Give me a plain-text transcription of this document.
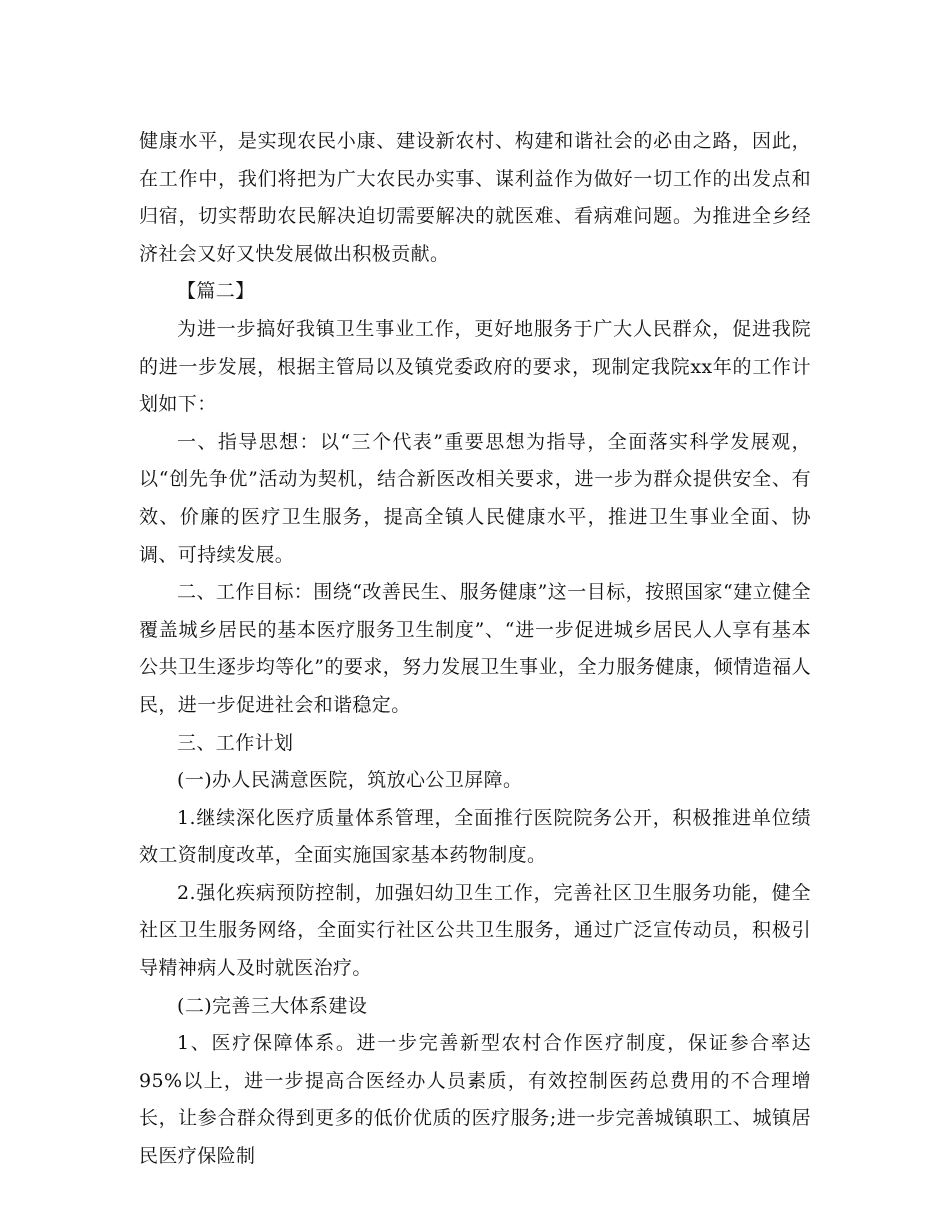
健康水平，是实现农民小康、建设新农村、构建和谐社会的必由之路，因此，在工作中，我们将把为广大农民办实事、谋利益作为做好一切工作的出发点和归宿，切实帮助农民解决迫切需要解决的就医难、看病难问题。为推进全乡经济社会又好又快发展做出积极贡献。

【篇二】

为进一步搞好我镇卫生事业工作，更好地服务于广大人民群众，促进我院的进一步发展，根据主管局以及镇党委政府的要求，现制定我院xx年的工作计划如下：

一、指导思想：以“三个代表”重要思想为指导，全面落实科学发展观，以“创先争优”活动为契机，结合新医改相关要求，进一步为群众提供安全、有效、价廉的医疗卫生服务，提高全镇人民健康水平，推进卫生事业全面、协调、可持续发展。

二、工作目标：围绕“改善民生、服务健康”这一目标，按照国家“建立健全覆盖城乡居民的基本医疗服务卫生制度”、“进一步促进城乡居民人人享有基本公共卫生逐步均等化”的要求，努力发展卫生事业，全力服务健康，倾情造福人民，进一步促进社会和谐稳定。

三、工作计划

(一)办人民满意医院，筑放心公卫屏障。

1.继续深化医疗质量体系管理，全面推行医院院务公开，积极推进单位绩效工资制度改革，全面实施国家基本药物制度。

2.强化疾病预防控制，加强妇幼卫生工作，完善社区卫生服务功能，健全社区卫生服务网络，全面实行社区公共卫生服务，通过广泛宣传动员，积极引导精神病人及时就医治疗。

(二)完善三大体系建设

1、医疗保障体系。进一步完善新型农村合作医疗制度，保证参合率达95%以上，进一步提高合医经办人员素质，有效控制医药总费用的不合理增长，让参合群众得到更多的低价优质的医疗服务;进一步完善城镇职工、城镇居民医疗保险制
